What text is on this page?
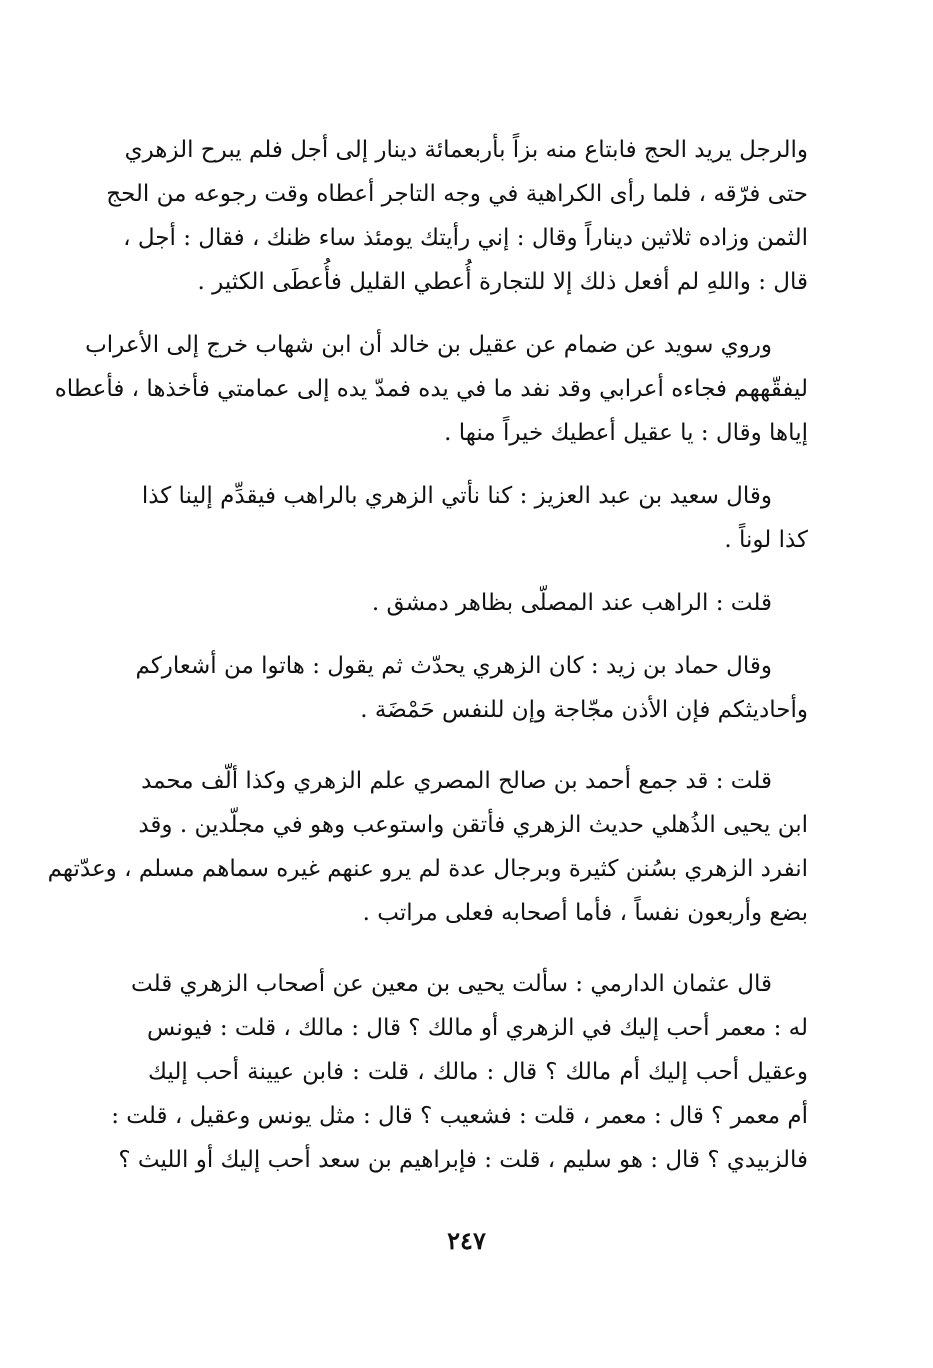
والرجل يريد الحج فابتاع منه بزاً بأربعمائة دينار إلى أجل فلم يبرح الزهري
حتى فرّقه ، فلما رأى الكراهية في وجه التاجر أعطاه وقت رجوعه من الحج
الثمن وزاده ثلاثين ديناراً وقال : إني رأيتك يومئذ ساء ظنك ، فقال : أجل ،
قال : واللهِ لم أفعل ذلك إلا للتجارة أُعطي القليل فأُعطَى الكثير .
وروي سويد عن ضمام عن عقيل بن خالد أن ابن شهاب خرج إلى الأعراب
ليفقّههم فجاءه أعرابي وقد نفد ما في يده فمدّ يده إلى عمامتي فأخذها ، فأعطاه
إياها وقال : يا عقيل أعطيك خيراً منها .
وقال سعيد بن عبد العزيز : كنا نأتي الزهري بالراهب فيقدِّم إلينا كذا
كذا لوناً .
قلت : الراهب عند المصلّى بظاهر دمشق .
وقال حماد بن زيد : كان الزهري يحدّث ثم يقول : هاتوا من أشعاركم
وأحاديثكم فإن الأذن مجّاجة وإن للنفس حَمْضَة .
قلت : قد جمع أحمد بن صالح المصري علم الزهري وكذا ألّف محمد
ابن يحيى الذُهلي حديث الزهري فأتقن واستوعب وهو في مجلّدين . وقد
انفرد الزهري بسُنن كثيرة وبرجال عدة لم يرو عنهم غيره سماهم مسلم ، وعدّتهم
بضع وأربعون نفساً ، فأما أصحابه فعلى مراتب .
قال عثمان الدارمي : سألت يحيى بن معين عن أصحاب الزهري قلت
له : معمر أحب إليك في الزهري أو مالك ؟ قال : مالك ، قلت : فيونس
وعقيل أحب إليك أم مالك ؟ قال : مالك ، قلت : فابن عيينة أحب إليك
أم معمر ؟ قال : معمر ، قلت : فشعيب ؟ قال : مثل يونس وعقيل ، قلت :
فالزبيدي ؟ قال : هو سليم ، قلت : فإبراهيم بن سعد أحب إليك أو الليث ؟
٢٤٧
